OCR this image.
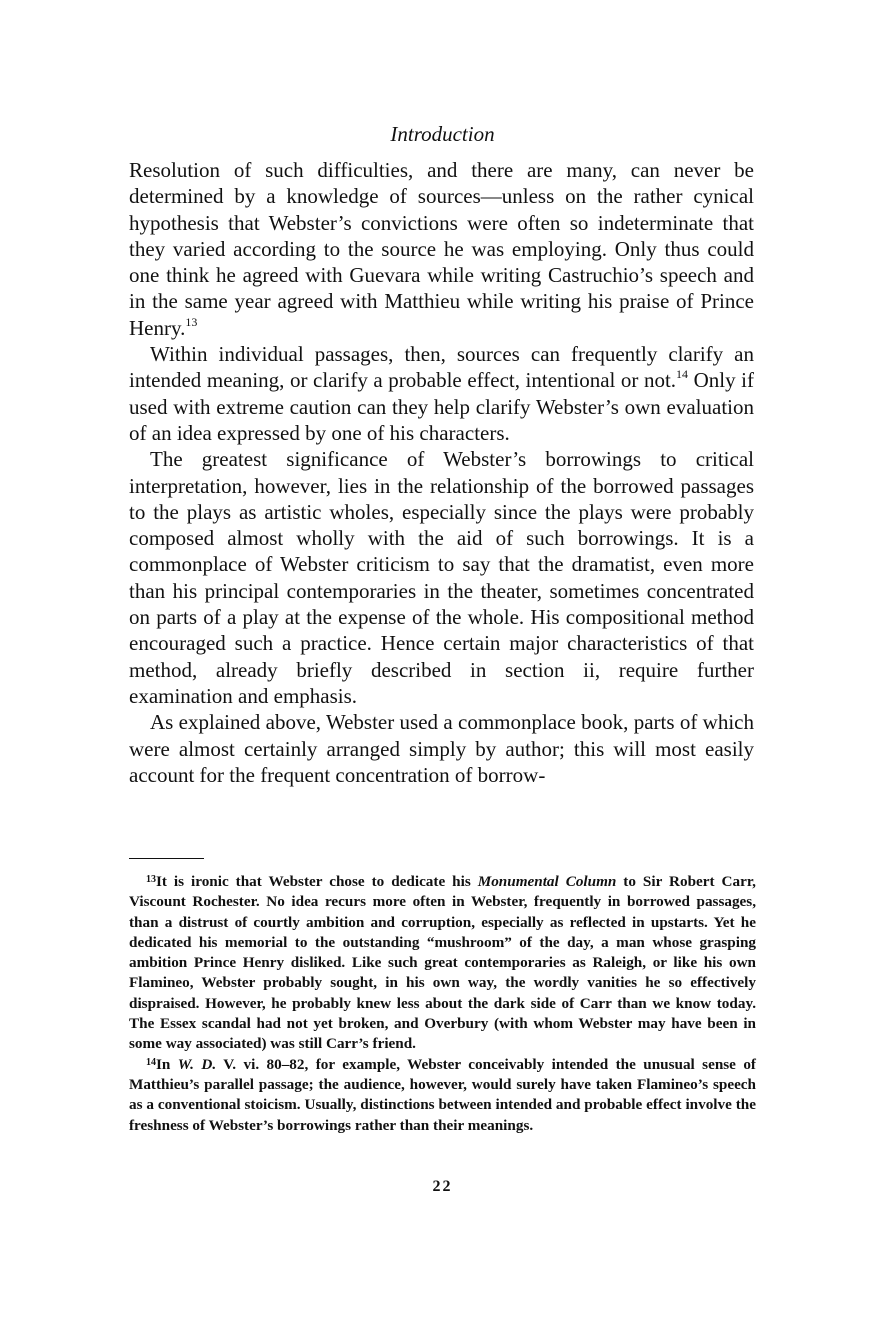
Introduction

Resolution of such difficulties, and there are many, can never be determined by a knowledge of sources—unless on the rather cynical hypothesis that Webster’s convictions were often so indeterminate that they varied according to the source he was employing. Only thus could one think he agreed with Guevara while writing Castruchio’s speech and in the same year agreed with Matthieu while writing his praise of Prince Henry.$^{13}$

Within individual passages, then, sources can frequently clarify an intended meaning, or clarify a probable effect, intentional or not.$^{14}$ Only if used with extreme caution can they help clarify Webster’s own evaluation of an idea expressed by one of his characters.

The greatest significance of Webster’s borrowings to critical interpretation, however, lies in the relationship of the borrowed passages to the plays as artistic wholes, especially since the plays were probably composed almost wholly with the aid of such borrowings. It is a commonplace of Webster criticism to say that the dramatist, even more than his principal contemporaries in the theater, sometimes concentrated on parts of a play at the expense of the whole. His compositional method encouraged such a practice. Hence certain major characteristics of that method, already briefly described in section ii, require further examination and emphasis.

As explained above, Webster used a commonplace book, parts of which were almost certainly arranged simply by author; this will most easily account for the frequent concentration of borrow-

$^{13}$It is ironic that Webster chose to dedicate his Monumental Column to Sir Robert Carr, Viscount Rochester. No idea recurs more often in Webster, frequently in borrowed passages, than a distrust of courtly ambition and corruption, especially as reflected in upstarts. Yet he dedicated his memorial to the outstanding “mushroom” of the day, a man whose grasping ambition Prince Henry disliked. Like such great contemporaries as Raleigh, or like his own Flamineo, Webster probably sought, in his own way, the wordly vanities he so effectively dispraised. However, he probably knew less about the dark side of Carr than we know today. The Essex scandal had not yet broken, and Overbury (with whom Webster may have been in some way associated) was still Carr’s friend.

$^{14}$In W. D. V. vi. 80–82, for example, Webster conceivably intended the unusual sense of Matthieu’s parallel passage; the audience, however, would surely have taken Flamineo’s speech as a conventional stoicism. Usually, distinctions between intended and probable effect involve the freshness of Webster’s borrowings rather than their meanings.

22
